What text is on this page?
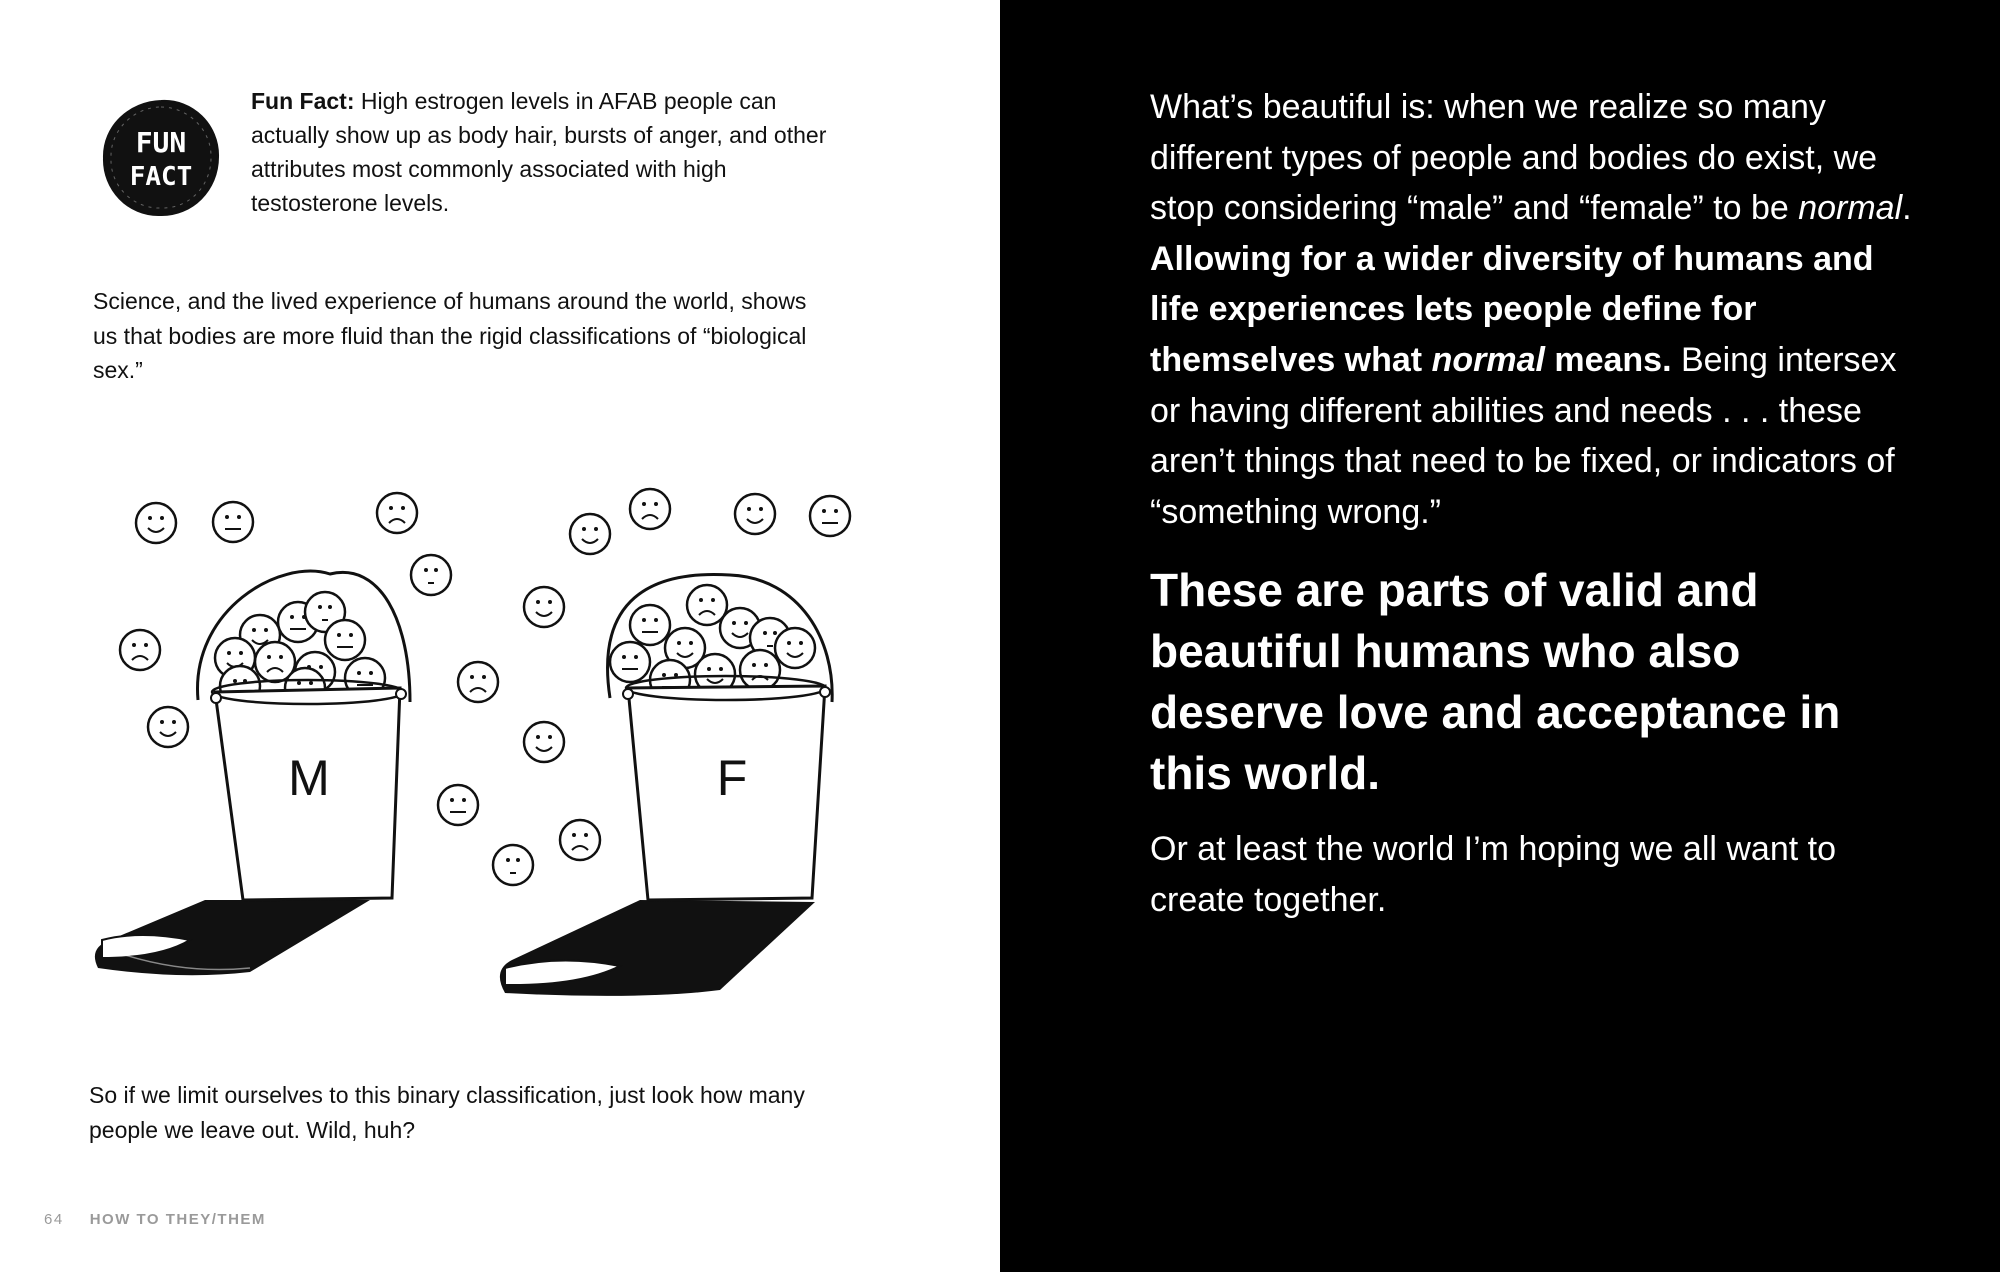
FUN
FACT
Fun Fact: High estrogen levels in AFAB people can actually show up as body hair, bursts of anger, and other attributes most commonly associated with high testosterone levels.
Science, and the lived experience of humans around the world, shows us that bodies are more fluid than the rigid classifications of “biological sex.”
M	F
So if we limit ourselves to this binary classification, just look how many people we leave out. Wild, huh?
64 HOW TO THEY/THEM
What’s beautiful is: when we realize so many different types of people and bodies do exist, we stop considering “male” and “female” to be normal. Allowing for a wider diversity of humans and life experiences lets people define for themselves what normal means. Being intersex or having different abilities and needs . . . these aren’t things that need to be fixed, or indicators of “something wrong.”
These are parts of valid and beautiful humans who also deserve love and acceptance in this world.
Or at least the world I’m hoping we all want to create together.
